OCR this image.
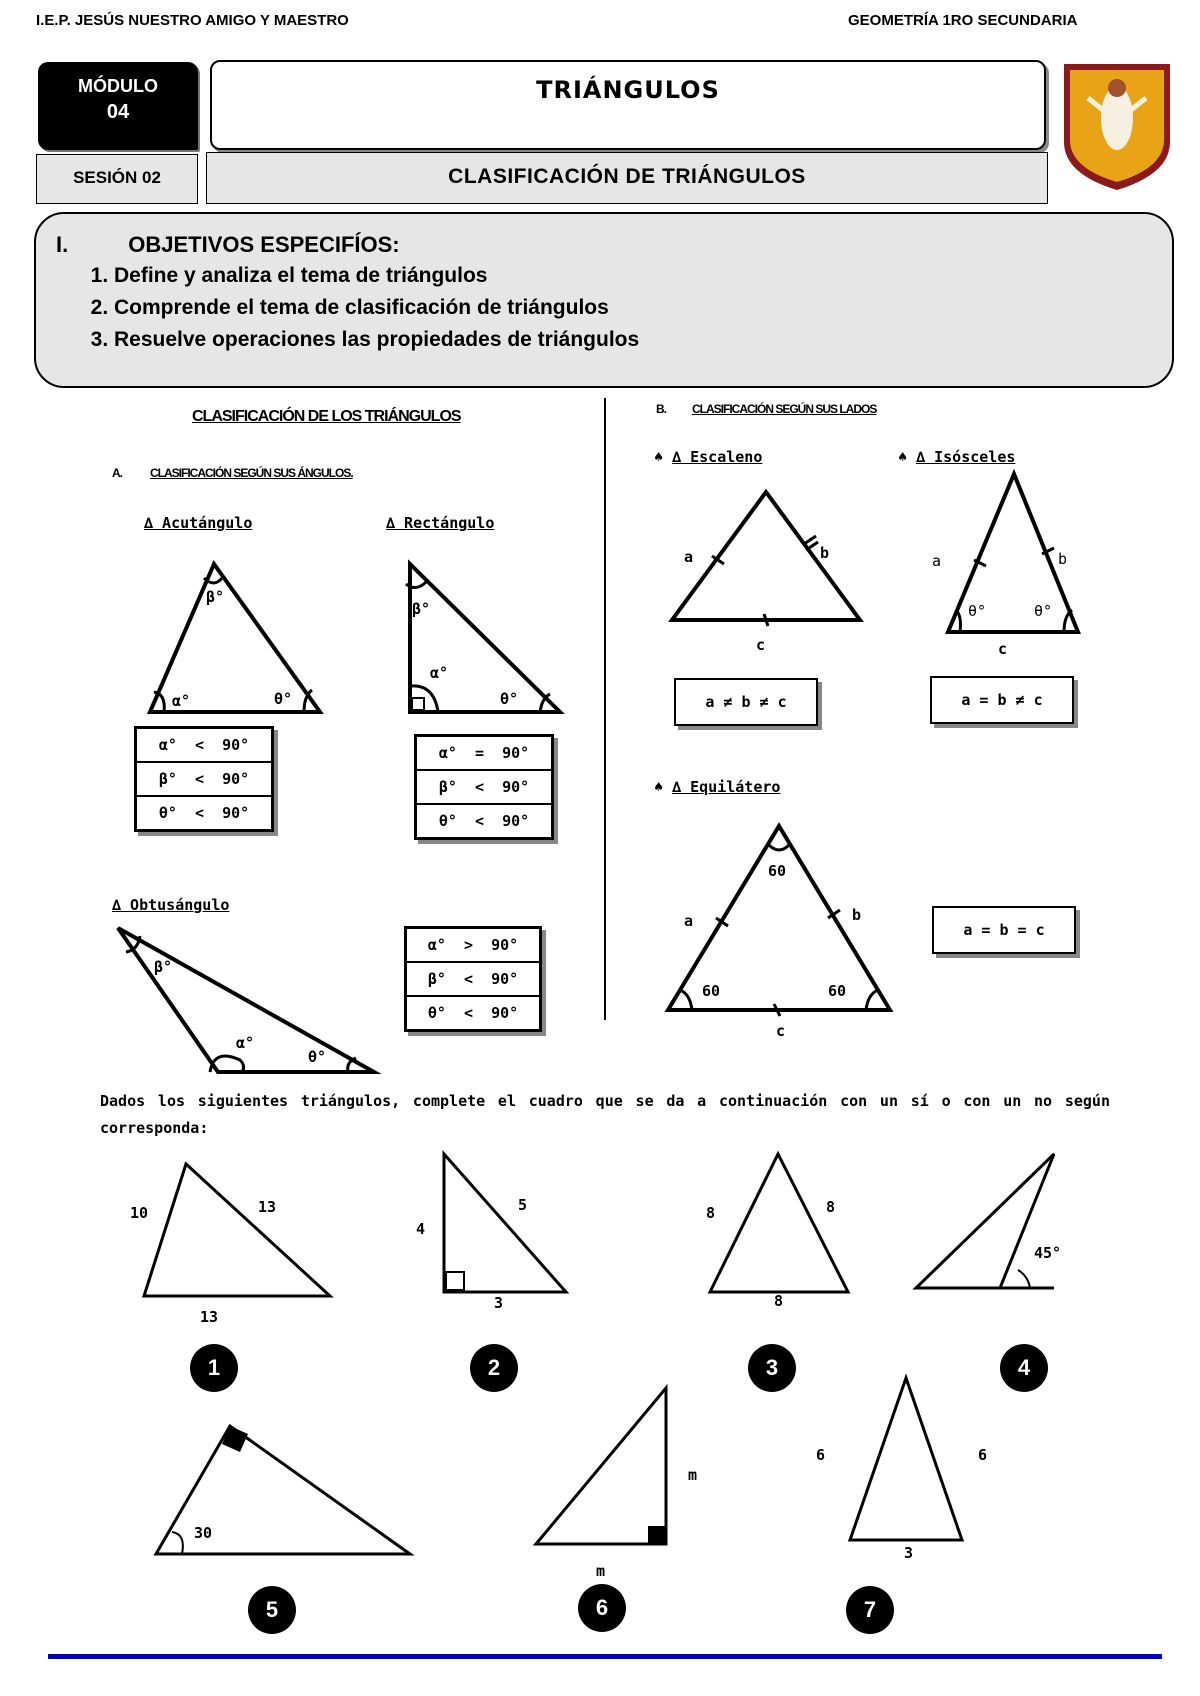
I.E.P. JESÚS NUESTRO AMIGO Y MAESTRO	GEOMETRÍA 1RO SECUNDARIA
MÓDULO
04
TRIÁNGULOS
SESIÓN 02	CLASIFICACIÓN DE TRIÁNGULOS
I.	OBJETIVOS ESPECIFÍOS:
1. Define y analiza el tema de triángulos
2. Comprende el tema de clasificación de triángulos
3. Resuelve operaciones las propiedades de triángulos
CLASIFICACIÓN DE LOS TRIÁNGULOS
A. CLASIFICACIÓN SEGÚN SUS ÁNGULOS.
B. CLASIFICACIÓN SEGÚN SUS LADOS
∆ Acutángulo
β°
α°	θ°
α° < 90°
β° < 90°
θ° < 90°
∆ Rectángulo
β°
α°
θ°
α° = 90°
β° < 90°
θ° < 90°
∆ Obtusángulo
β°
α°
θ°
α° > 90°
β° < 90°
θ° < 90°
♠ ∆ Escaleno
a	b
c
a ≠ b ≠ c
♠ ∆ Isósceles
a	b
θ°	θ°
c
a = b ≠ c
♠ ∆ Equilátero
60
60	60
a	b
c
a = b = c
Dados los siguientes triángulos, complete el cuadro que se da a continuación con un sí o con un no según corresponda:
10	13
13
1
4
5
3
2
8	8
8
3
45°
4
30
5
m
m
6
6	6
3
7
